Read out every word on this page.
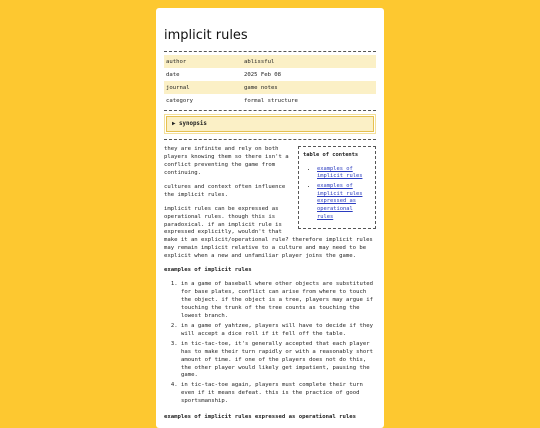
implicit rules
author	ablissful
date	2025 Feb 08
journal	game notes
category	formal structure
▶ synopsis
table of contents
• examples of implicit rules
• examples of implicit rules expressed as operational rules

they are infinite and rely on both players knowing them so there isn't a conflict preventing the game from continuing.

cultures and context often influence the implicit rules.

implicit rules can be expressed as operational rules. though this is paradoxical. if an implicit rule is expressed explicitly, wouldn't that make it an explicit/operational rule? therefore implicit rules may remain implicit relative to a culture and may need to be explicit when a new and unfamiliar player joins the game.

examples of implicit rules
1. in a game of baseball where other objects are substituted for base plates, conflict can arise from where to touch the object. if the object is a tree, players may argue if touching the trunk of the tree counts as touching the lowest branch.
2. in a game of yahtzee, players will have to decide if they will accept a dice roll if it fell off the table.
3. in tic-tac-toe, it's generally accepted that each player has to make their turn rapidly or with a reasonably short amount of time. if one of the players does not do this, the other player would likely get impatient, pausing the game.
4. in tic-tac-toe again, players must complete their turn even if it means defeat. this is the practice of good sportsmanship.
examples of implicit rules expressed as operational rules
